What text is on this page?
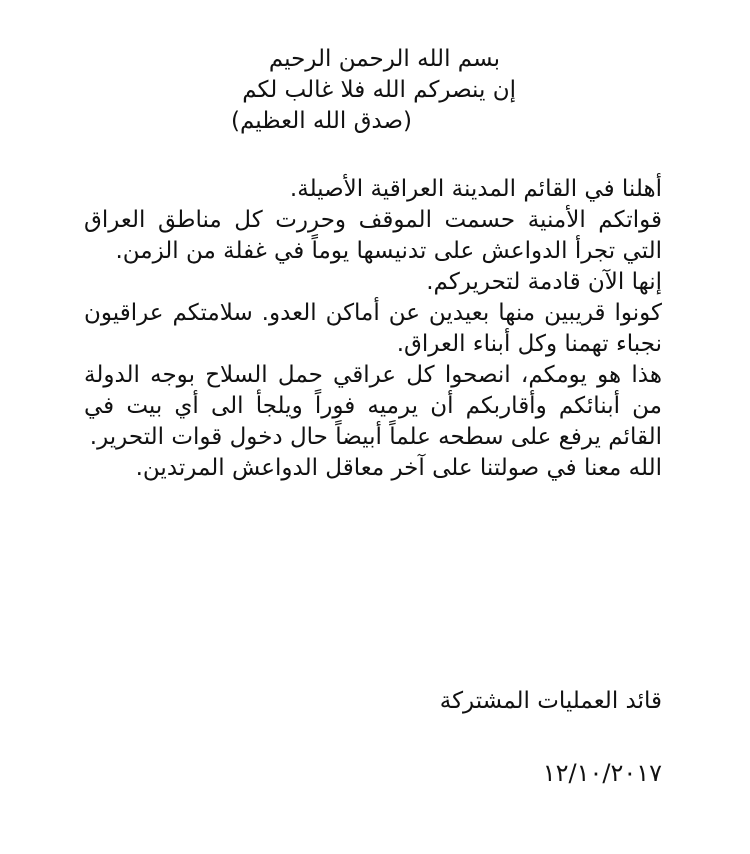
بسم الله الرحمن الرحيم
إن ينصركم الله فلا غالب لكم
(صدق الله العظيم)

أهلنا في القائم المدينة العراقية الأصيلة.

قواتكم الأمنية حسمت الموقف وحررت كل مناطق العراق التي تجرأ الدواعش على تدنيسها يوماً في غفلة من الزمن.

إنها الآن قادمة لتحريركم.

كونوا قريبين منها بعيدين عن أماكن العدو. سلامتكم عراقيون نجباء تهمنا وكل أبناء العراق.

هذا هو يومكم، انصحوا كل عراقي حمل السلاح بوجه الدولة من أبنائكم وأقاربكم أن يرميه فوراً ويلجأ الى أي بيت في القائم يرفع على سطحه علماً أبيضاً حال دخول قوات التحرير.

الله معنا في صولتنا على آخر معاقل الدواعش المرتدين.

قائد العمليات المشتركة
١٢/١٠/٢٠١٧
